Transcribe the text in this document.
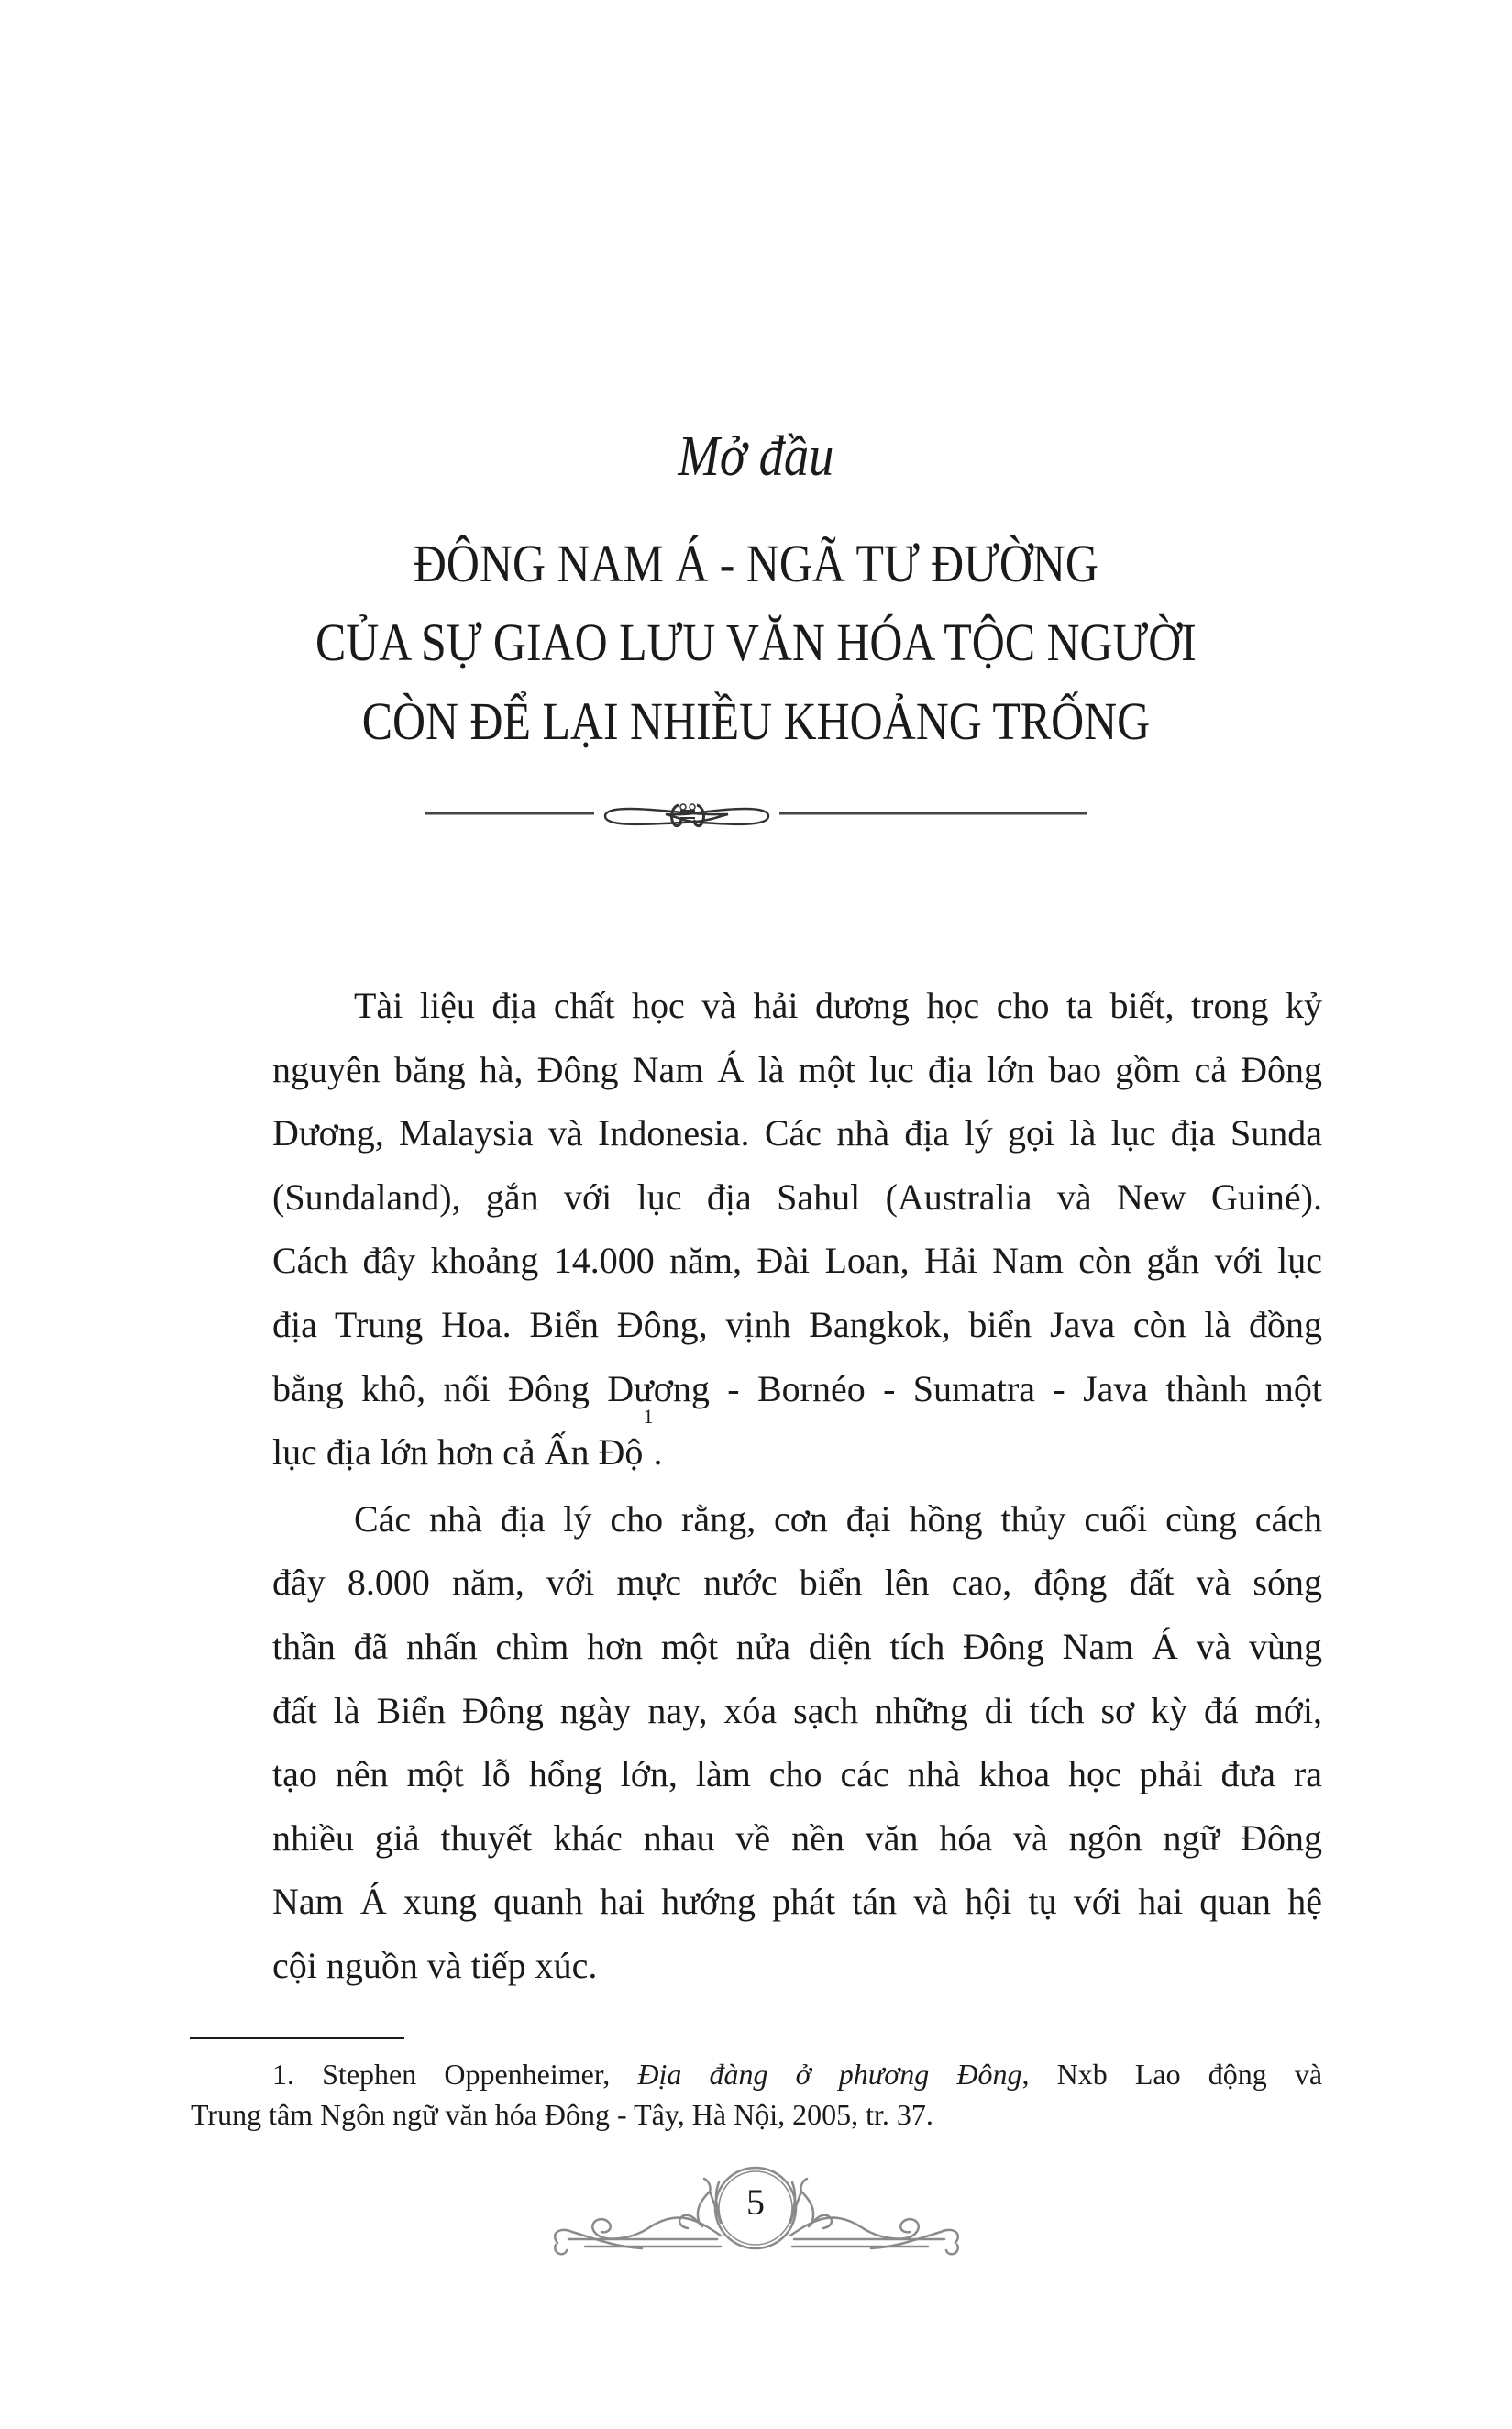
Mở đầu
ĐÔNG NAM Á - NGÃ TƯ ĐƯỜNG
CỦA SỰ GIAO LƯU VĂN HÓA TỘC NGƯỜI
CÒN ĐỂ LẠI NHIỀU KHOẢNG TRỐNG
Tài liệu địa chất học và hải dương học cho ta biết, trong kỷ
nguyên băng hà, Đông Nam Á là một lục địa lớn bao gồm cả Đông
Dương, Malaysia và Indonesia. Các nhà địa lý gọi là lục địa Sunda
(Sundaland), gắn với lục địa Sahul (Australia và New Guiné).
Cách đây khoảng 14.000 năm, Đài Loan, Hải Nam còn gắn với lục
địa Trung Hoa. Biển Đông, vịnh Bangkok, biển Java còn là đồng
bằng khô, nối Đông Dương - Bornéo - Sumatra - Java thành một
lục địa lớn hơn cả Ấn Độ$^1$.
Các nhà địa lý cho rằng, cơn đại hồng thủy cuối cùng cách
đây 8.000 năm, với mực nước biển lên cao, động đất và sóng
thần đã nhấn chìm hơn một nửa diện tích Đông Nam Á và vùng
đất là Biển Đông ngày nay, xóa sạch những di tích sơ kỳ đá mới,
tạo nên một lỗ hổng lớn, làm cho các nhà khoa học phải đưa ra
nhiều giả thuyết khác nhau về nền văn hóa và ngôn ngữ Đông
Nam Á xung quanh hai hướng phát tán và hội tụ với hai quan hệ
cội nguồn và tiếp xúc.
1. Stephen Oppenheimer, Địa đàng ở phương Đông, Nxb Lao động và
Trung tâm Ngôn ngữ văn hóa Đông - Tây, Hà Nội, 2005, tr. 37.
5
